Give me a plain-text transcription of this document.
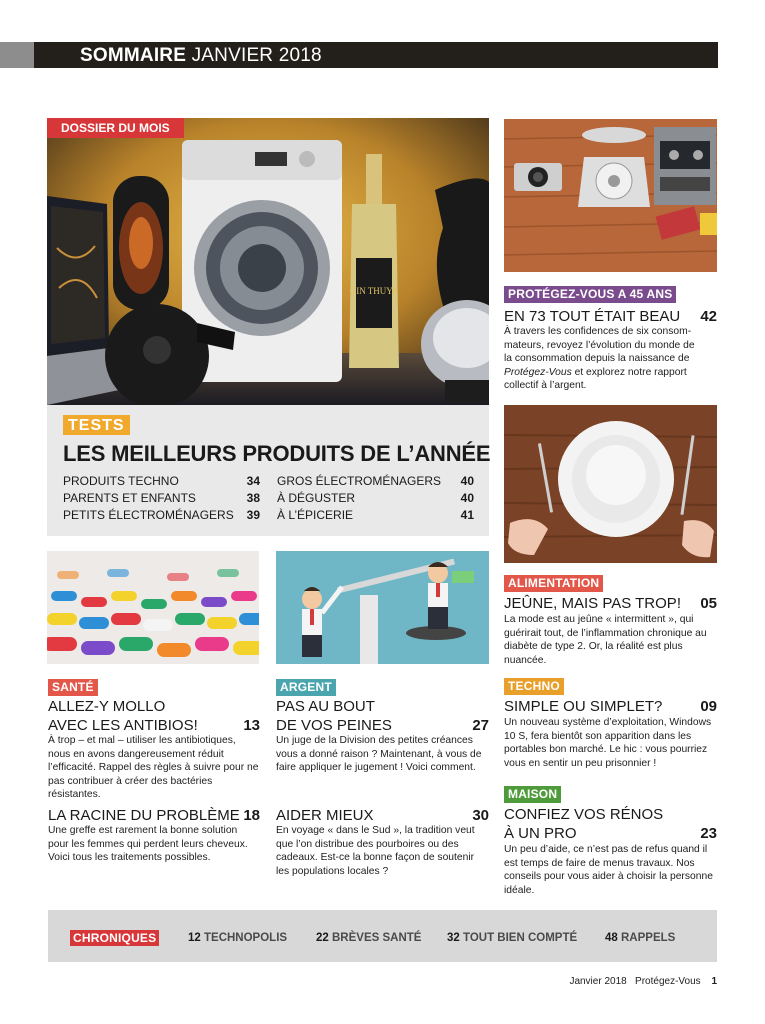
SOMMAIRE JANVIER 2018
GIN THUYA
DOSSIER DU MOIS
TESTS
LES MEILLEURS PRODUITS DE L’ANNÉE
PRODUITS TECHNO	34
PARENTS ET ENFANTS	38
PETITS ÉLECTROMÉNAGERS 39
GROS ÉLECTROMÉNAGERS 40
À DÉGUSTER	40
À L’ÉPICERIE	41
PROTÉGEZ-VOUS A 45 ANS
EN 73 TOUT ÉTAIT BEAU 42
À travers les confidences de six consom-
mateurs, revoyez l’évolution du monde de
la consommation depuis la naissance de
Protégez-Vous et explorez notre rapport
collectif à l’argent.
ALIMENTATION
JEÛNE, MAIS PAS TROP! 05
La mode est au jeûne « intermittent », qui guérirait tout, de l’inflammation chronique au diabète de type 2. Or, la réalité est plus nuancée.
TECHNO
SIMPLE OU SIMPLET?	09
Un nouveau système d’exploitation, Windows 10 S, fera bientôt son apparition dans les portables bon marché. Le hic : vous pourriez vous en sentir un peu prisonnier !
MAISON
CONFIEZ VOS RÉNOS
À UN PRO	23
Un peu d’aide, ce n’est pas de refus quand il est temps de faire de menus travaux. Nos conseils pour vous aider à choisir la personne idéale.
SANTÉ
ALLEZ-Y MOLLO
AVEC LES ANTIBIOS!	13
À trop – et mal – utiliser les antibiotiques, nous en avons dangereusement réduit l’efficacité. Rappel des règles à suivre pour ne pas contribuer à créer des bactéries résistantes.
LA RACINE DU PROBLÈME 18
Une greffe est rarement la bonne solution pour les femmes qui perdent leurs cheveux. Voici tous les traitements possibles.
ARGENT
PAS AU BOUT
DE VOS PEINES	27
Un juge de la Division des petites créances vous a donné raison ? Maintenant, à vous de faire appliquer le jugement ! Voici comment.
AIDER MIEUX	30
En voyage « dans le Sud », la tradition veut que l’on distribue des pourboires ou des cadeaux. Est-ce la bonne façon de soutenir les populations locales ?
CHRONIQUES	12 TECHNOPOLIS	22 BRÈVES SANTÉ 32 TOUT BIEN COMPTÉ 48 RAPPELS
Janvier 2018 Protégez-Vous 1
